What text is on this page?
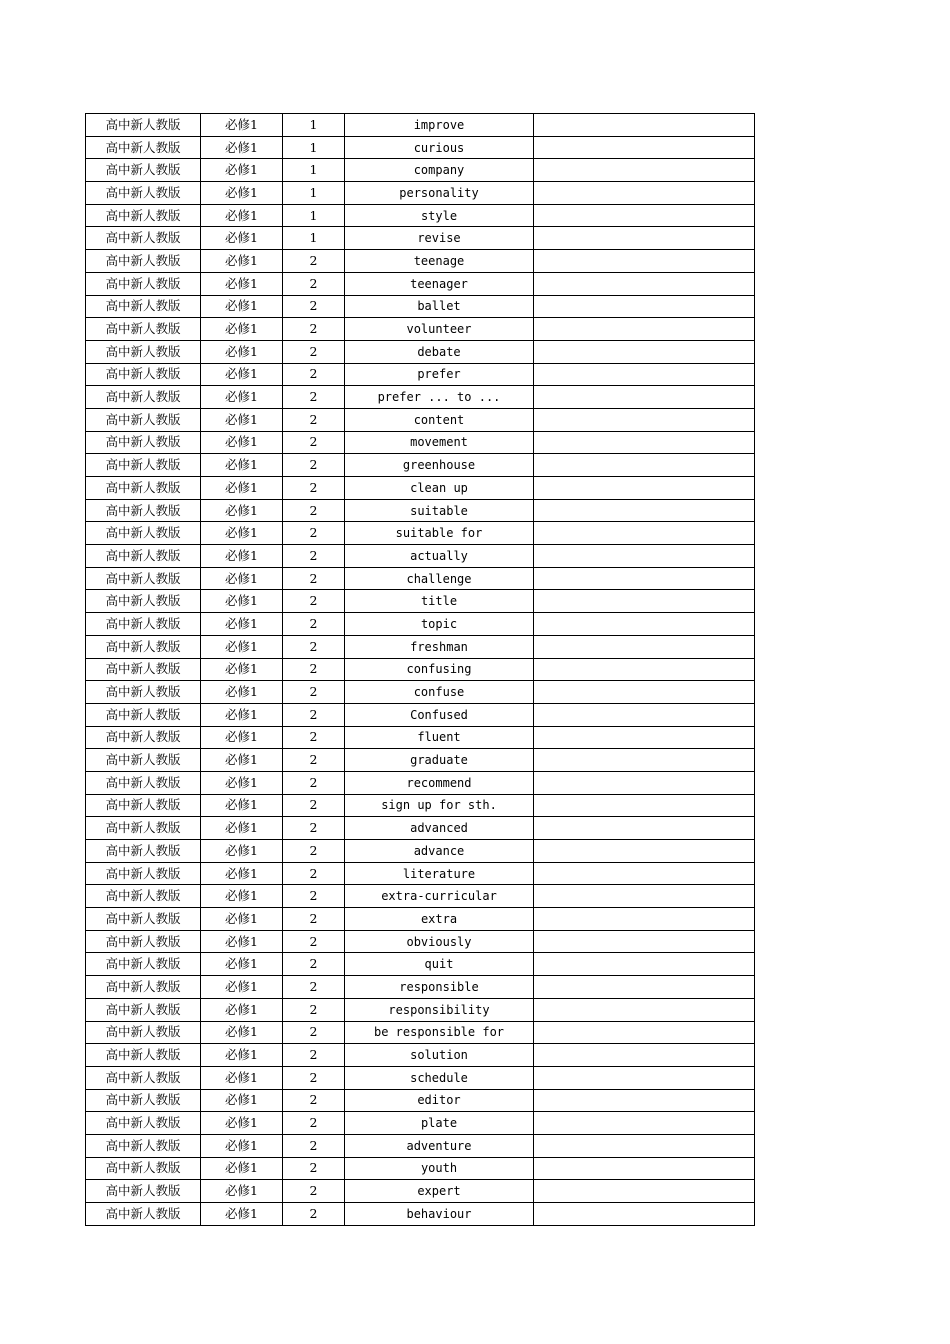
高中新人教版	必修1	1	improve	
高中新人教版	必修1	1	curious	
高中新人教版	必修1	1	company	
高中新人教版	必修1	1	personality	
高中新人教版	必修1	1	style	
高中新人教版	必修1	1	revise	
高中新人教版	必修1	2	teenage	
高中新人教版	必修1	2	teenager	
高中新人教版	必修1	2	ballet	
高中新人教版	必修1	2	volunteer	
高中新人教版	必修1	2	debate	
高中新人教版	必修1	2	prefer	
高中新人教版	必修1	2	prefer ... to ...	
高中新人教版	必修1	2	content	
高中新人教版	必修1	2	movement	
高中新人教版	必修1	2	greenhouse	
高中新人教版	必修1	2	clean up	
高中新人教版	必修1	2	suitable	
高中新人教版	必修1	2	suitable for	
高中新人教版	必修1	2	actually	
高中新人教版	必修1	2	challenge	
高中新人教版	必修1	2	title	
高中新人教版	必修1	2	topic	
高中新人教版	必修1	2	freshman	
高中新人教版	必修1	2	confusing	
高中新人教版	必修1	2	confuse	
高中新人教版	必修1	2	Confused	
高中新人教版	必修1	2	fluent	
高中新人教版	必修1	2	graduate	
高中新人教版	必修1	2	recommend	
高中新人教版	必修1	2	sign up for sth.	
高中新人教版	必修1	2	advanced	
高中新人教版	必修1	2	advance	
高中新人教版	必修1	2	literature	
高中新人教版	必修1	2	extra-curricular	
高中新人教版	必修1	2	extra	
高中新人教版	必修1	2	obviously	
高中新人教版	必修1	2	quit	
高中新人教版	必修1	2	responsible	
高中新人教版	必修1	2	responsibility	
高中新人教版	必修1	2	be responsible for	
高中新人教版	必修1	2	solution	
高中新人教版	必修1	2	schedule	
高中新人教版	必修1	2	editor	
高中新人教版	必修1	2	plate	
高中新人教版	必修1	2	adventure	
高中新人教版	必修1	2	youth	
高中新人教版	必修1	2	expert	
高中新人教版	必修1	2	behaviour	
